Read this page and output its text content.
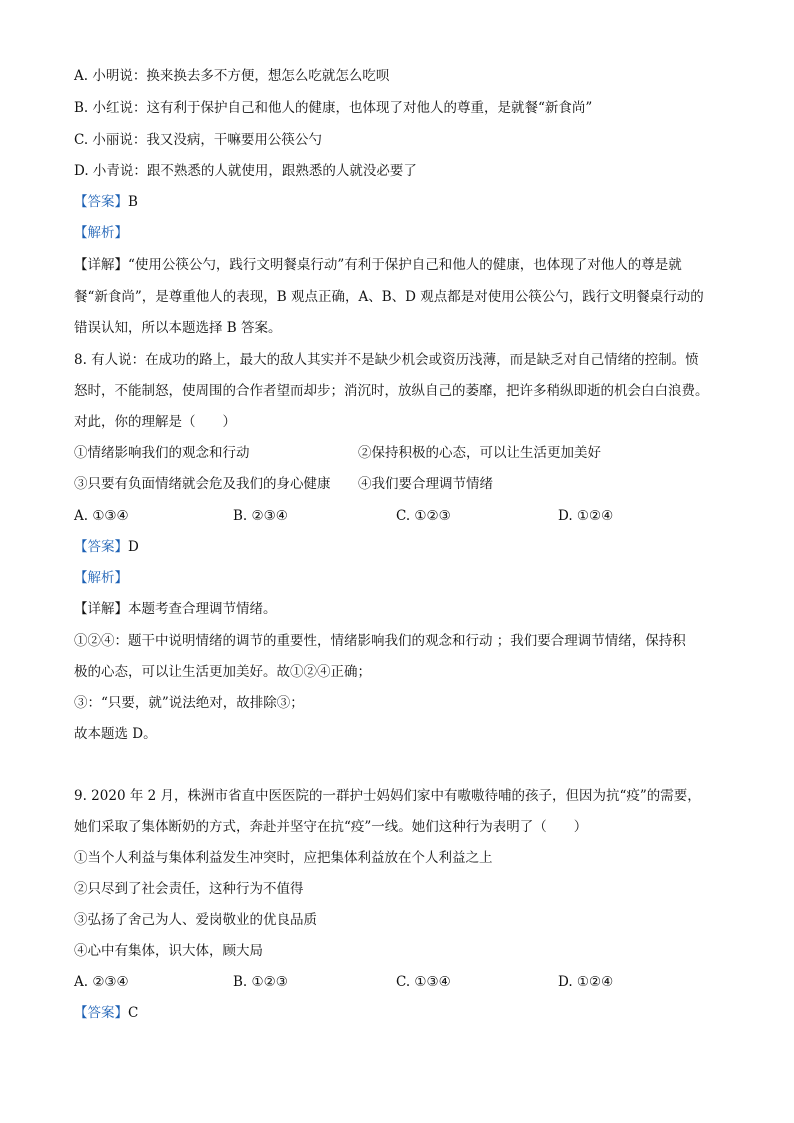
A. 小明说：换来换去多不方便，想怎么吃就怎么吃呗
B. 小红说：这有利于保护自己和他人的健康，也体现了对他人的尊重，是就餐“新食尚”
C. 小丽说：我又没病，干嘛要用公筷公勺
D. 小青说：跟不熟悉的人就使用，跟熟悉的人就没必要了
【答案】B
【解析】
【详解】“使用公筷公勺，践行文明餐桌行动”有利于保护自己和他人的健康，也体现了对他人的尊是就
餐“新食尚”，是尊重他人的表现，B 观点正确，A、B、D 观点都是对使用公筷公勺，践行文明餐桌行动的
错误认知，所以本题选择 B 答案。
8. 有人说：在成功的路上，最大的敌人其实并不是缺少机会或资历浅薄，而是缺乏对自己情绪的控制。愤
怒时，不能制怒，使周围的合作者望而却步；消沉时，放纵自己的萎靡，把许多稍纵即逝的机会白白浪费。
对此，你的理解是（　　）
①情绪影响我们的观念和行动	②保持积极的心态，可以让生活更加美好
③只要有负面情绪就会危及我们的身心健康 ④我们要合理调节情绪
A. ①③④	B. ②③④	C. ①②③	D. ①②④
【答案】D
【解析】
【详解】本题考查合理调节情绪。
①②④：题干中说明情绪的调节的重要性，情绪影响我们的观念和行动 ；我们要合理调节情绪，保持积
极的心态，可以让生活更加美好。故①②④正确；
③：“只要，就”说法绝对，故排除③；
故本题选 D。
9. 2020 年 2 月，株洲市省直中医医院的一群护士妈妈们家中有嗷嗷待哺的孩子，但因为抗“疫”的需要，
她们采取了集体断奶的方式，奔赴并坚守在抗“疫”一线。她们这种行为表明了（　　）
①当个人利益与集体利益发生冲突时，应把集体利益放在个人利益之上
②只尽到了社会责任，这种行为不值得
③弘扬了舍己为人、爱岗敬业的优良品质
④心中有集体，识大体，顾大局
A. ②③④	B. ①②③	C. ①③④	D. ①②④
【答案】C
